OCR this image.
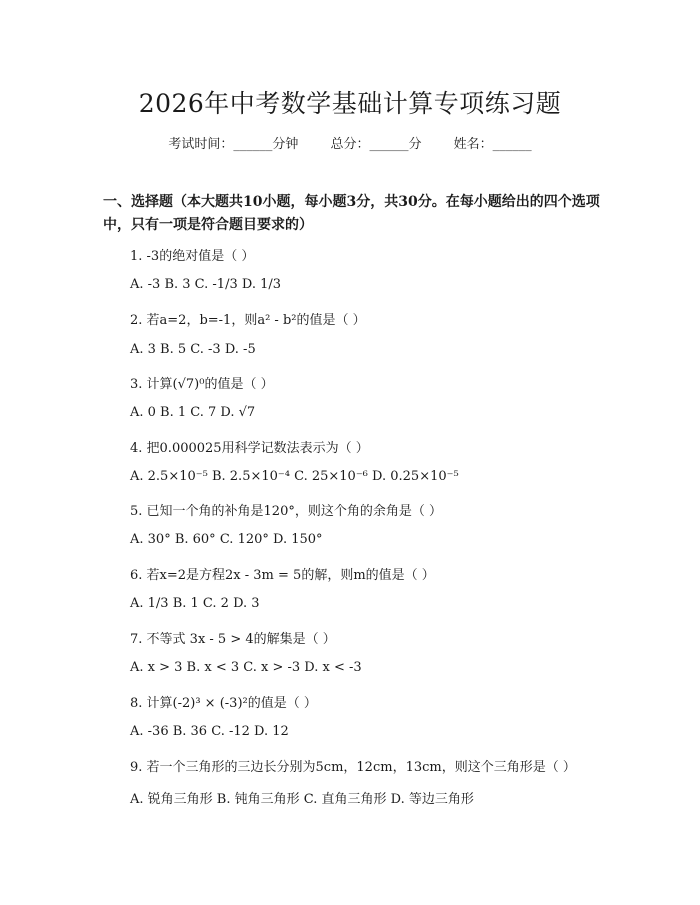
2026年中考数学基础计算专项练习题
考试时间：______分钟 总分：______分 姓名：______
一、选择题（本大题共10小题，每小题3分，共30分。在每小题给出的四个选项中，只有一项是符合题目要求的）
1. -3的绝对值是（ ）
A. -3 B. 3 C. -1/3 D. 1/3
2. 若a=2，b=-1，则a² - b²的值是（ ）
A. 3 B. 5 C. -3 D. -5
3. 计算(√7)⁰的值是（ ）
A. 0 B. 1 C. 7 D. √7
4. 把0.000025用科学记数法表示为（ ）
A. 2.5×10⁻⁵ B. 2.5×10⁻⁴ C. 25×10⁻⁶ D. 0.25×10⁻⁵
5. 已知一个角的补角是120°，则这个角的余角是（ ）
A. 30° B. 60° C. 120° D. 150°
6. 若x=2是方程2x - 3m = 5的解，则m的值是（ ）
A. 1/3 B. 1 C. 2 D. 3
7. 不等式 3x - 5 > 4的解集是（ ）
A. x > 3 B. x < 3 C. x > -3 D. x < -3
8. 计算(-2)³ × (-3)²的值是（ ）
A. -36 B. 36 C. -12 D. 12
9. 若一个三角形的三边长分别为5cm，12cm，13cm，则这个三角形是（ ）
A. 锐角三角形 B. 钝角三角形 C. 直角三角形 D. 等边三角形
